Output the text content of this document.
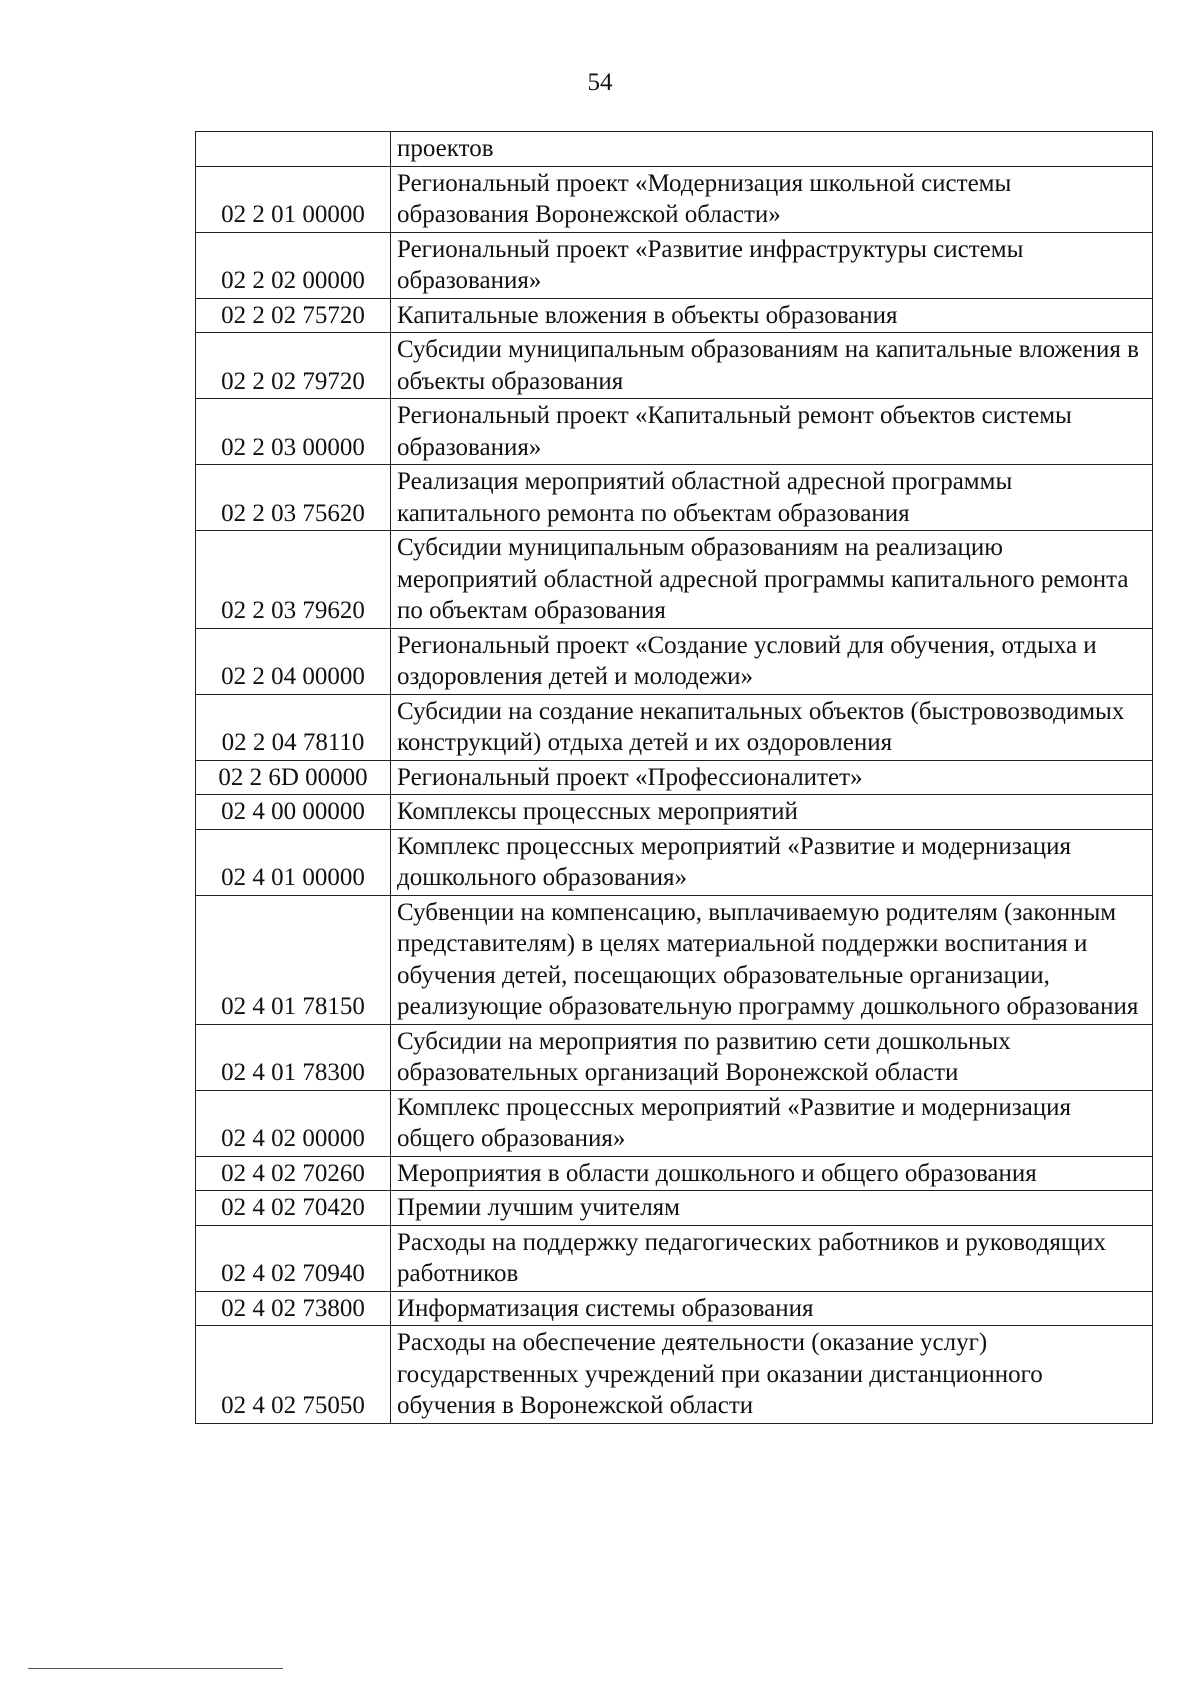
54
	проектов
02 2 01 00000	Региональный проект «Модернизация школьной системы образования Воронежской области»
02 2 02 00000	Региональный проект «Развитие инфраструктуры системы образования»
02 2 02 75720	Капитальные вложения в объекты образования
02 2 02 79720	Субсидии муниципальным образованиям на капитальные вложения в объекты образования
02 2 03 00000	Региональный проект «Капитальный ремонт объектов системы образования»
02 2 03 75620	Реализация мероприятий областной адресной программы капитального ремонта по объектам образования
02 2 03 79620	Субсидии муниципальным образованиям на реализацию мероприятий областной адресной программы капитального ремонта по объектам образования
02 2 04 00000	Региональный проект «Создание условий для обучения, отдыха и оздоровления детей и молодежи»
02 2 04 78110	Субсидии на создание некапитальных объектов (быстровозводимых конструкций) отдыха детей и их оздоровления
02 2 6D 00000	Региональный проект «Профессионалитет»
02 4 00 00000	Комплексы процессных мероприятий
02 4 01 00000	Комплекс процессных мероприятий «Развитие и модернизация дошкольного образования»
02 4 01 78150	Субвенции на компенсацию, выплачиваемую родителям (законным представителям) в целях материальной поддержки воспитания и обучения детей, посещающих образовательные организации, реализующие образовательную программу дошкольного образования
02 4 01 78300	Субсидии на мероприятия по развитию сети дошкольных образовательных организаций Воронежской области
02 4 02 00000	Комплекс процессных мероприятий «Развитие и модернизация общего образования»
02 4 02 70260	Мероприятия в области дошкольного и общего образования
02 4 02 70420	Премии лучшим учителям
02 4 02 70940	Расходы на поддержку педагогических работников и руководящих работников
02 4 02 73800	Информатизация системы образования
02 4 02 75050	Расходы на обеспечение деятельности (оказание услуг) государственных учреждений при оказании дистанционного обучения в Воронежской области
